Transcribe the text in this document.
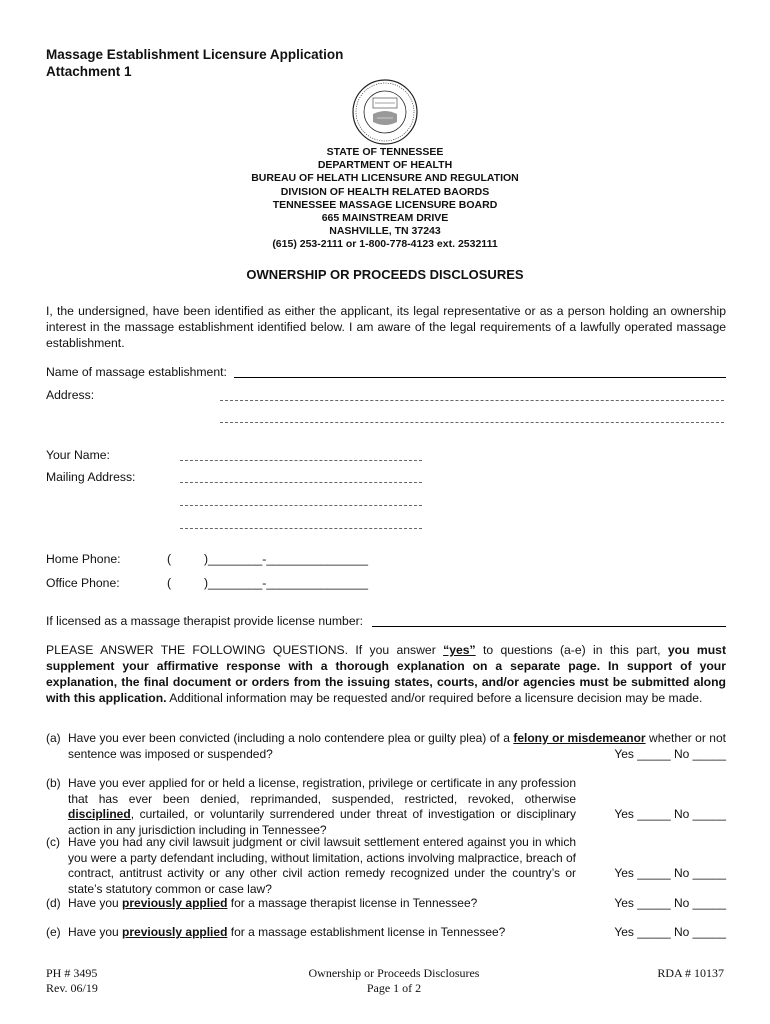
Massage Establishment Licensure Application
Attachment 1
STATE OF TENNESSEE
DEPARTMENT OF HEALTH
BUREAU OF HELATH LICENSURE AND REGULATION
DIVISION OF HEALTH RELATED BAORDS
TENNESSEE MASSAGE LICENSURE BOARD
665 MAINSTREAM DRIVE
NASHVILLE, TN 37243
(615) 253-2111 or 1-800-778-4123 ext. 2532111
OWNERSHIP OR PROCEEDS DISCLOSURES
I, the undersigned, have been identified as either the applicant, its legal representative or as a person holding an ownership interest in the massage establishment identified below. I am aware of the legal requirements of a lawfully operated massage establishment.
Name of massage establishment:
Address:
Your Name:
Mailing Address:
Home Phone:	(	)________-_______________
Office Phone:	(	)________-_______________
If licensed as a massage therapist provide license number:
PLEASE ANSWER THE FOLLOWING QUESTIONS. If you answer “yes” to questions (a-e) in this part, you must supplement your affirmative response with a thorough explanation on a separate page. In support of your explanation, the final document or orders from the issuing states, courts, and/or agencies must be submitted along with this application. Additional information may be requested and/or required before a licensure decision may be made.
(a) Have you ever been convicted (including a nolo contendere plea or guilty plea) of a felony or misdemeanor whether or not sentence was imposed or suspended?	Yes _____ No _____
(b) Have you ever applied for or held a license, registration, privilege or certificate in any profession that has ever been denied, reprimanded, suspended, restricted, revoked, otherwise disciplined, curtailed, or voluntarily surrendered under threat of investigation or disciplinary action in any jurisdiction including in Tennessee?
Yes _____ No _____
(c) Have you had any civil lawsuit judgment or civil lawsuit settlement entered against you in which you were a party defendant including, without limitation, actions involving malpractice, breach of contract, antitrust activity or any other civil action remedy recognized under the country’s or state’s statutory common or case law?
Yes _____ No _____
(d) Have you previously applied for a massage therapist license in Tennessee?	Yes _____ No _____
(e) Have you previously applied for a massage establishment license in Tennessee?	Yes _____ No _____
PH # 3495
Rev. 06/19
Ownership or Proceeds Disclosures
Page 1 of 2
RDA # 10137
